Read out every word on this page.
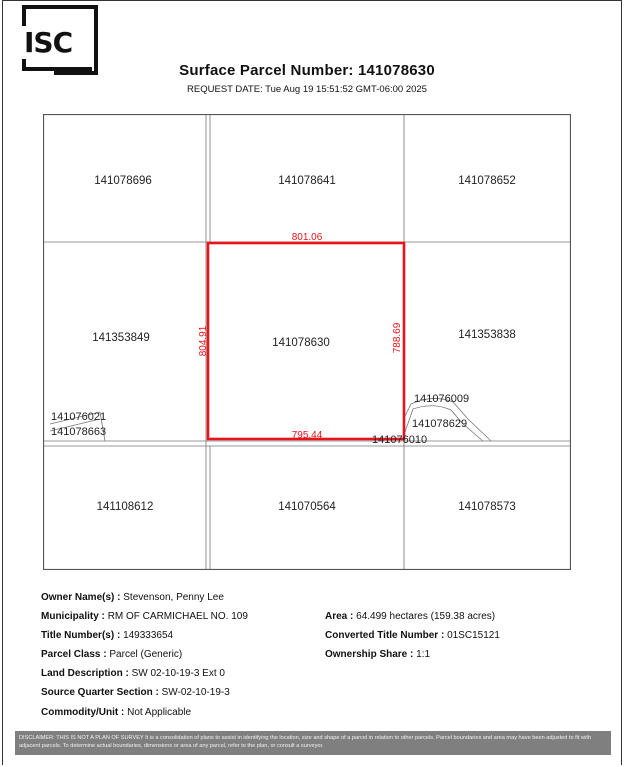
ISC
Surface Parcel Number: 141078630
REQUEST DATE: Tue Aug 19 15:51:52 GMT-06:00 2025
141078696	141078641	141078652
141353849	141078630
141353838
141108612	141070564	141078573
141076021
141078663
141076009
141078629
141076010
801.06
795.44
804.91	788.69
Owner Name(s) : Stevenson, Penny Lee
Municipality : RM OF CARMICHAEL NO. 109
Title Number(s) : 149333654
Parcel Class : Parcel (Generic)
Land Description : SW 02-10-19-3 Ext 0
Source Quarter Section : SW-02-10-19-3
Commodity/Unit : Not Applicable
Area : 64.499 hectares (159.38 acres)
Converted Title Number : 01SC15121
Ownership Share : 1:1
DISCLAIMER: THIS IS NOT A PLAN OF SURVEY It is a consolidation of plans to assist in identifying the location, size and shape of a parcel in relation to other parcels. Parcel boundaries and area may have been adjusted to fit with adjacent parcels. To determine actual boundaries, dimensions or area of any parcel, refer to the plan, or consult a surveyor.
